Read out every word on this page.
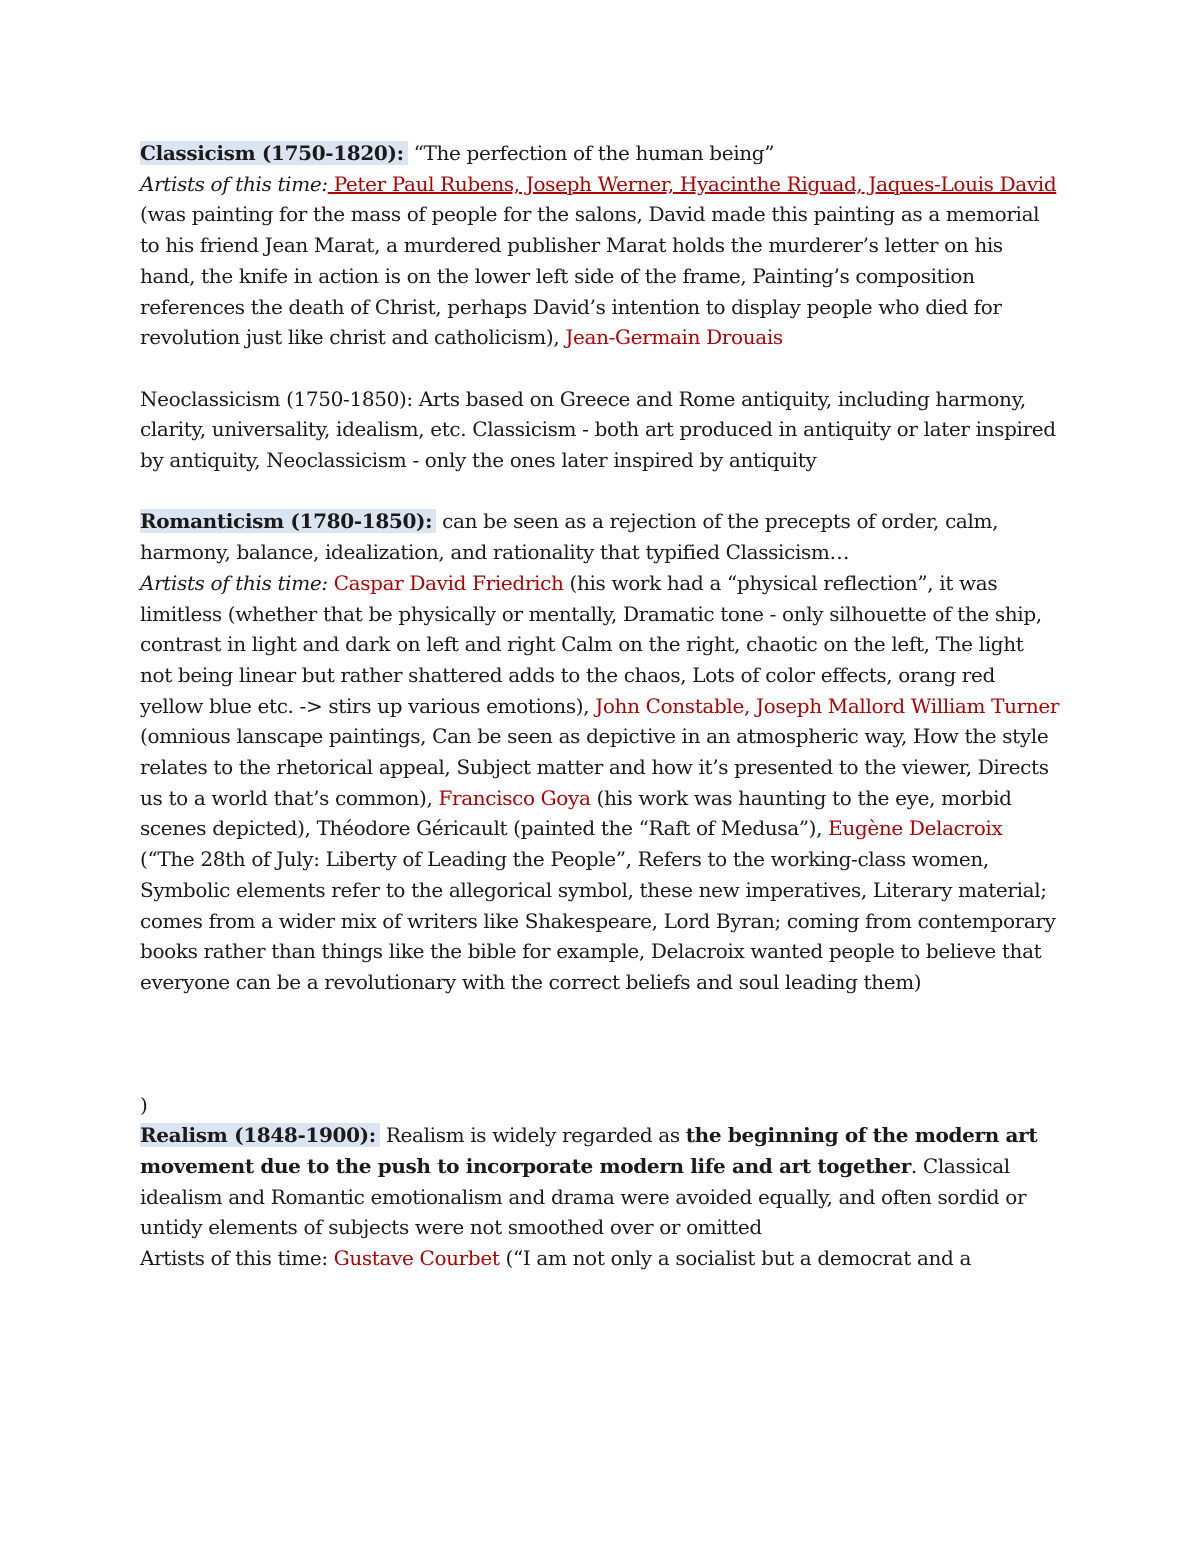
Classicism (1750-1820): “The perfection of the human being”
Artists of this time: Peter Paul Rubens, Joseph Werner, Hyacinthe Riguad, Jaques-Louis David (was painting for the mass of people for the salons, David made this painting as a memorial to his friend Jean Marat, a murdered publisher Marat holds the murderer’s letter on his hand, the knife in action is on the lower left side of the frame, Painting’s composition references the death of Christ, perhaps David’s intention to display people who died for revolution just like christ and catholicism), Jean-Germain Drouais

Neoclassicism (1750-1850): Arts based on Greece and Rome antiquity, including harmony, clarity, universality, idealism, etc. Classicism - both art produced in antiquity or later inspired by antiquity, Neoclassicism - only the ones later inspired by antiquity

Romanticism (1780-1850): can be seen as a rejection of the precepts of order, calm, harmony, balance, idealization, and rationality that typified Classicism…
Artists of this time: Caspar David Friedrich (his work had a “physical reflection”, it was limitless (whether that be physically or mentally, Dramatic tone - only silhouette of the ship, contrast in light and dark on left and right Calm on the right, chaotic on the left, The light not being linear but rather shattered adds to the chaos, Lots of color effects, orang red yellow blue etc. -> stirs up various emotions), John Constable, Joseph Mallord William Turner (omnious lanscape paintings, Can be seen as depictive in an atmospheric way, How the style relates to the rhetorical appeal, Subject matter and how it’s presented to the viewer, Directs us to a world that’s common), Francisco Goya (his work was haunting to the eye, morbid scenes depicted), Théodore Géricault (painted the “Raft of Medusa”), Eugène Delacroix (“The 28th of July: Liberty of Leading the People”, Refers to the working-class women, Symbolic elements refer to the allegorical symbol, these new imperatives, Literary material; comes from a wider mix of writers like Shakespeare, Lord Byran; coming from contemporary books rather than things like the bible for example, Delacroix wanted people to believe that everyone can be a revolutionary with the correct beliefs and soul leading them)

)

Realism (1848-1900): Realism is widely regarded as the beginning of the modern art movement due to the push to incorporate modern life and art together. Classical idealism and Romantic emotionalism and drama were avoided equally, and often sordid or untidy elements of subjects were not smoothed over or omitted
Artists of this time: Gustave Courbet (“I am not only a socialist but a democrat and a
